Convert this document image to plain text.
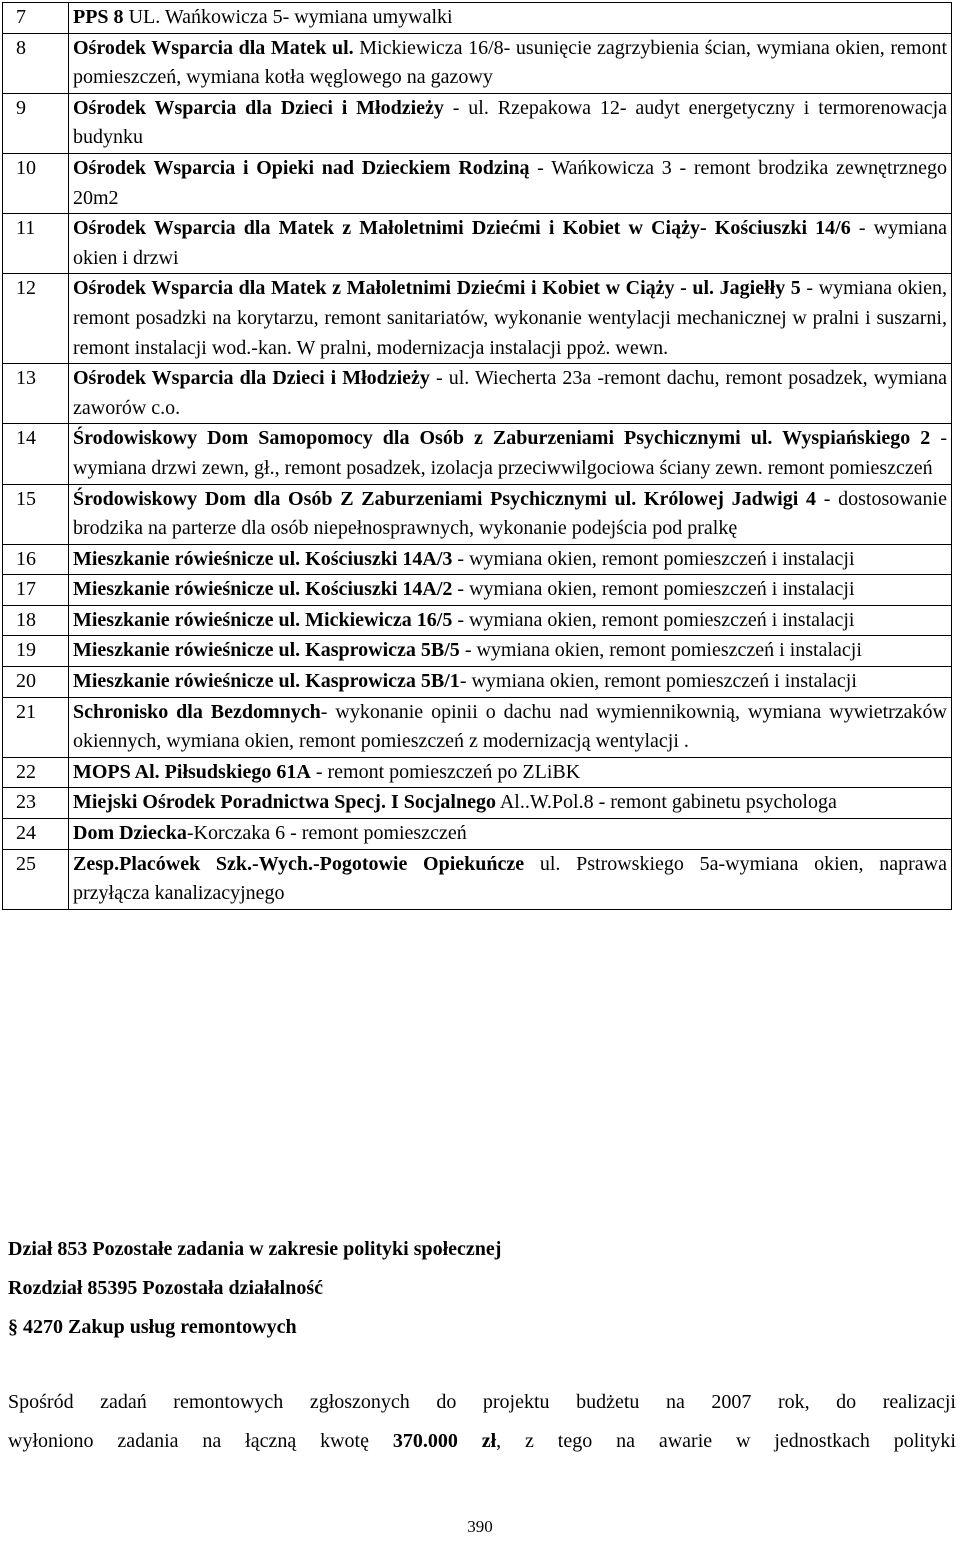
7	PPS 8 UL. Wańkowicza 5- wymiana umywalki
8	Ośrodek Wsparcia dla Matek ul. Mickiewicza 16/8- usunięcie zagrzybienia ścian, wymiana okien, remont pomieszczeń, wymiana kotła węglowego na gazowy
9	Ośrodek Wsparcia dla Dzieci i Młodzieży - ul. Rzepakowa 12- audyt energetyczny i termorenowacja budynku
10	Ośrodek Wsparcia i Opieki nad Dzieckiem Rodziną - Wańkowicza 3 - remont brodzika zewnętrznego 20m2
11	Ośrodek Wsparcia dla Matek z Małoletnimi Dziećmi i Kobiet w Ciąży- Kościuszki 14/6 - wymiana okien i drzwi
12	Ośrodek Wsparcia dla Matek z Małoletnimi Dziećmi i Kobiet w Ciąży - ul. Jagiełły 5 - wymiana okien, remont posadzki na korytarzu, remont sanitariatów, wykonanie wentylacji mechanicznej w pralni i suszarni, remont instalacji wod.-kan. W pralni, modernizacja instalacji ppoż. wewn.
13	Ośrodek Wsparcia dla Dzieci i Młodzieży - ul. Wiecherta 23a -remont dachu, remont posadzek, wymiana zaworów c.o.
14	Środowiskowy Dom Samopomocy dla Osób z Zaburzeniami Psychicznymi ul. Wyspiańskiego 2 - wymiana drzwi zewn, gł., remont posadzek, izolacja przeciwwilgociowa ściany zewn. remont pomieszczeń
15	Środowiskowy Dom dla Osób Z Zaburzeniami Psychicznymi ul. Królowej Jadwigi 4 - dostosowanie brodzika na parterze dla osób niepełnosprawnych, wykonanie podejścia pod pralkę
16	Mieszkanie rówieśnicze ul. Kościuszki 14A/3 - wymiana okien, remont pomieszczeń i instalacji
17	Mieszkanie rówieśnicze ul. Kościuszki 14A/2 - wymiana okien, remont pomieszczeń i instalacji
18	Mieszkanie rówieśnicze ul. Mickiewicza 16/5 - wymiana okien, remont pomieszczeń i instalacji
19	Mieszkanie rówieśnicze ul. Kasprowicza 5B/5 - wymiana okien, remont pomieszczeń i instalacji
20	Mieszkanie rówieśnicze ul. Kasprowicza 5B/1- wymiana okien, remont pomieszczeń i instalacji
21	Schronisko dla Bezdomnych- wykonanie opinii o dachu nad wymiennikownią, wymiana wywietrzaków okiennych, wymiana okien, remont pomieszczeń z modernizacją wentylacji .
22	MOPS Al. Piłsudskiego 61A - remont pomieszczeń po ZLiBK
23	Miejski Ośrodek Poradnictwa Specj. I Socjalnego Al..W.Pol.8 - remont gabinetu psychologa
24	Dom Dziecka-Korczaka 6 - remont pomieszczeń
25	Zesp.Placówek Szk.-Wych.-Pogotowie Opiekuńcze ul. Pstrowskiego 5a-wymiana okien, naprawa przyłącza kanalizacyjnego
Dział 853 Pozostałe zadania w zakresie polityki społecznej
Rozdział 85395 Pozostała działalność
§ 4270 Zakup usług remontowych
Spośród zadań remontowych zgłoszonych do projektu budżetu na 2007 rok, do realizacji
wyłoniono zadania na łączną kwotę 370.000 zł, z tego na awarie w jednostkach polityki
390
